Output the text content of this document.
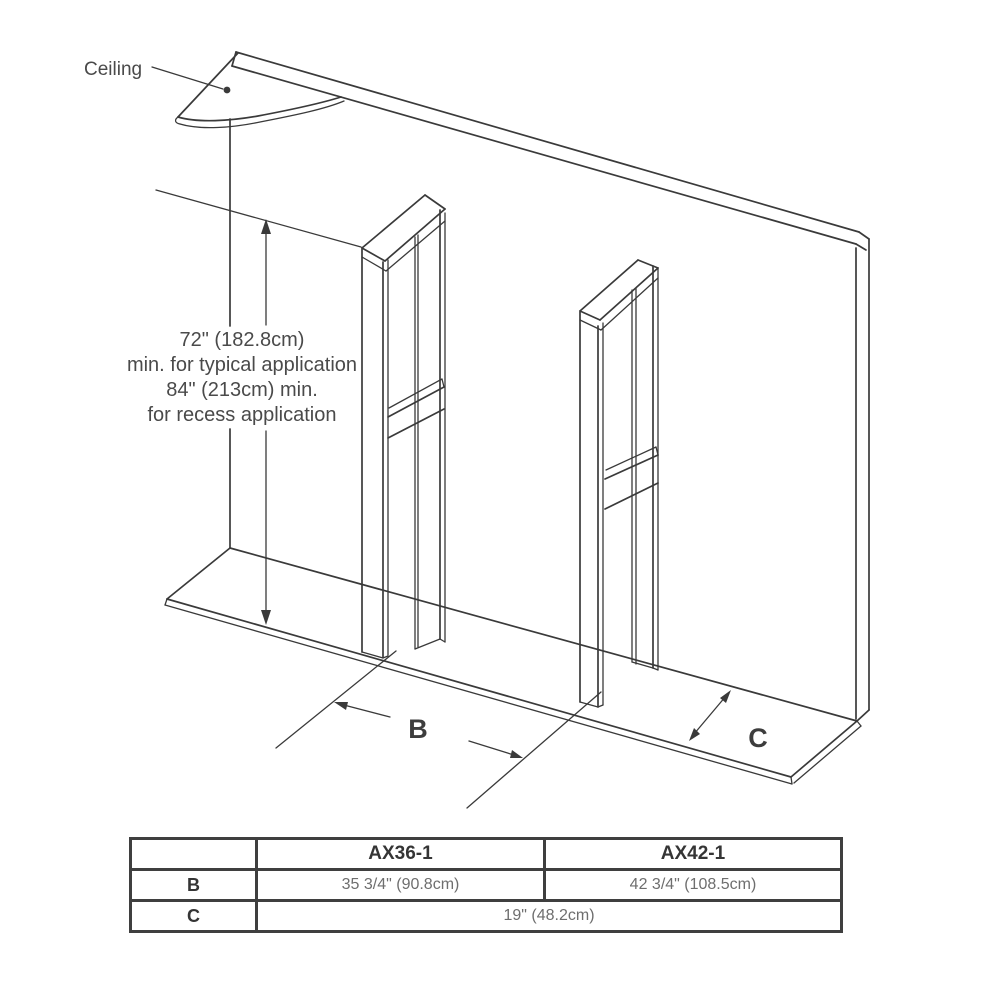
Ceiling
72" (182.8cm)
min. for typical application
84" (213cm) min.
for recess application
B	C
	AX36-1	AX42-1
B	35 3/4" (90.8cm)	42 3/4" (108.5cm)
C	19" (48.2cm)	
